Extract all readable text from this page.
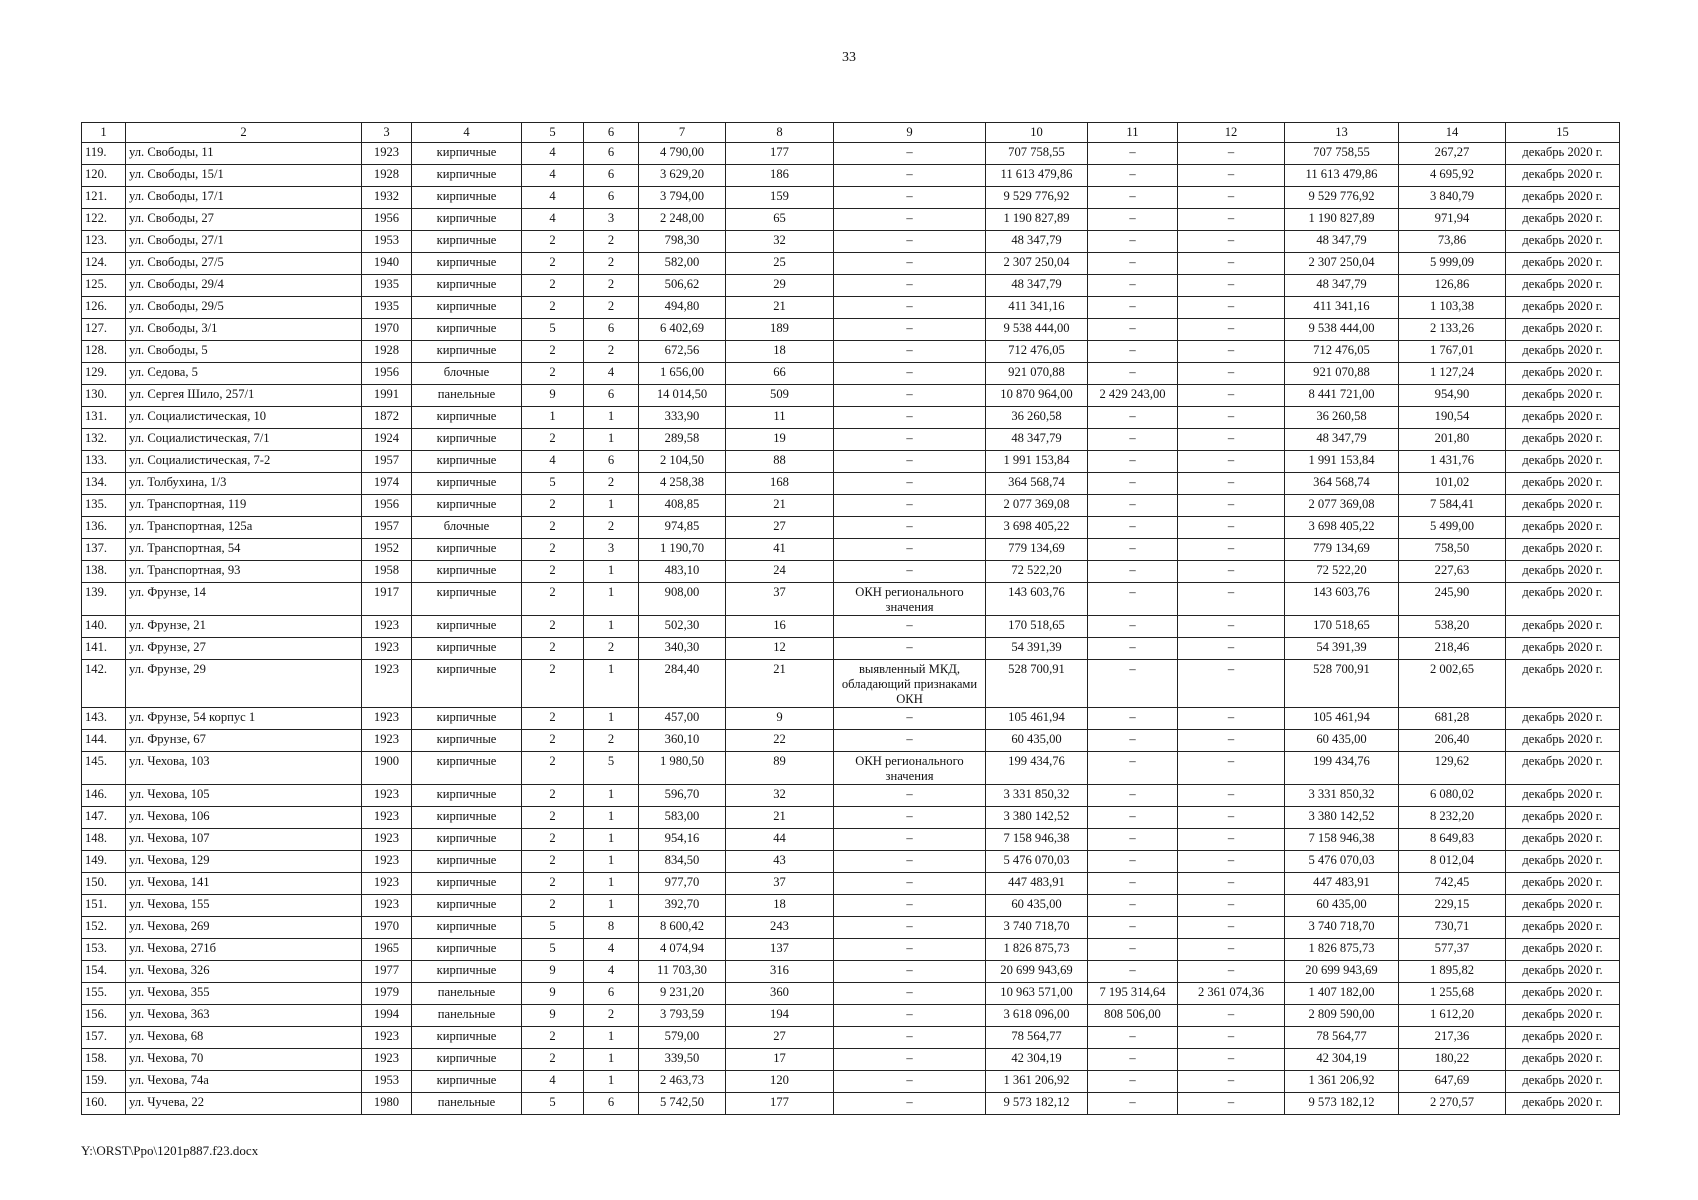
33
1	2	3	4	5	6	7	8	9	10	11	12	13	14	15
119.	ул. Свободы, 11	1923	кирпичные	4	6	4 790,00	177	–	707 758,55	–	–	707 758,55	267,27	декабрь 2020 г.
120.	ул. Свободы, 15/1	1928	кирпичные	4	6	3 629,20	186	–	11 613 479,86	–	–	11 613 479,86	4 695,92	декабрь 2020 г.
121.	ул. Свободы, 17/1	1932	кирпичные	4	6	3 794,00	159	–	9 529 776,92	–	–	9 529 776,92	3 840,79	декабрь 2020 г.
122.	ул. Свободы, 27	1956	кирпичные	4	3	2 248,00	65	–	1 190 827,89	–	–	1 190 827,89	971,94	декабрь 2020 г.
123.	ул. Свободы, 27/1	1953	кирпичные	2	2	798,30	32	–	48 347,79	–	–	48 347,79	73,86	декабрь 2020 г.
124.	ул. Свободы, 27/5	1940	кирпичные	2	2	582,00	25	–	2 307 250,04	–	–	2 307 250,04	5 999,09	декабрь 2020 г.
125.	ул. Свободы, 29/4	1935	кирпичные	2	2	506,62	29	–	48 347,79	–	–	48 347,79	126,86	декабрь 2020 г.
126.	ул. Свободы, 29/5	1935	кирпичные	2	2	494,80	21	–	411 341,16	–	–	411 341,16	1 103,38	декабрь 2020 г.
127.	ул. Свободы, 3/1	1970	кирпичные	5	6	6 402,69	189	–	9 538 444,00	–	–	9 538 444,00	2 133,26	декабрь 2020 г.
128.	ул. Свободы, 5	1928	кирпичные	2	2	672,56	18	–	712 476,05	–	–	712 476,05	1 767,01	декабрь 2020 г.
129.	ул. Седова, 5	1956	блочные	2	4	1 656,00	66	–	921 070,88	–	–	921 070,88	1 127,24	декабрь 2020 г.
130.	ул. Сергея Шило, 257/1	1991	панельные	9	6	14 014,50	509	–	10 870 964,00	2 429 243,00	–	8 441 721,00	954,90	декабрь 2020 г.
131.	ул. Социалистическая, 10	1872	кирпичные	1	1	333,90	11	–	36 260,58	–	–	36 260,58	190,54	декабрь 2020 г.
132.	ул. Социалистическая, 7/1	1924	кирпичные	2	1	289,58	19	–	48 347,79	–	–	48 347,79	201,80	декабрь 2020 г.
133.	ул. Социалистическая, 7-2	1957	кирпичные	4	6	2 104,50	88	–	1 991 153,84	–	–	1 991 153,84	1 431,76	декабрь 2020 г.
134.	ул. Толбухина, 1/3	1974	кирпичные	5	2	4 258,38	168	–	364 568,74	–	–	364 568,74	101,02	декабрь 2020 г.
135.	ул. Транспортная, 119	1956	кирпичные	2	1	408,85	21	–	2 077 369,08	–	–	2 077 369,08	7 584,41	декабрь 2020 г.
136.	ул. Транспортная, 125а	1957	блочные	2	2	974,85	27	–	3 698 405,22	–	–	3 698 405,22	5 499,00	декабрь 2020 г.
137.	ул. Транспортная, 54	1952	кирпичные	2	3	1 190,70	41	–	779 134,69	–	–	779 134,69	758,50	декабрь 2020 г.
138.	ул. Транспортная, 93	1958	кирпичные	2	1	483,10	24	–	72 522,20	–	–	72 522,20	227,63	декабрь 2020 г.
139.	ул. Фрунзе, 14	1917	кирпичные	2	1	908,00	37	ОКН регионального значения	143 603,76	–	–	143 603,76	245,90	декабрь 2020 г.
140.	ул. Фрунзе, 21	1923	кирпичные	2	1	502,30	16	–	170 518,65	–	–	170 518,65	538,20	декабрь 2020 г.
141.	ул. Фрунзе, 27	1923	кирпичные	2	2	340,30	12	–	54 391,39	–	–	54 391,39	218,46	декабрь 2020 г.
142.	ул. Фрунзе, 29	1923	кирпичные	2	1	284,40	21	выявленный МКД, обладающий признаками ОКН	528 700,91	–	–	528 700,91	2 002,65	декабрь 2020 г.
143.	ул. Фрунзе, 54 корпус 1	1923	кирпичные	2	1	457,00	9	–	105 461,94	–	–	105 461,94	681,28	декабрь 2020 г.
144.	ул. Фрунзе, 67	1923	кирпичные	2	2	360,10	22	–	60 435,00	–	–	60 435,00	206,40	декабрь 2020 г.
145.	ул. Чехова, 103	1900	кирпичные	2	5	1 980,50	89	ОКН регионального значения	199 434,76	–	–	199 434,76	129,62	декабрь 2020 г.
146.	ул. Чехова, 105	1923	кирпичные	2	1	596,70	32	–	3 331 850,32	–	–	3 331 850,32	6 080,02	декабрь 2020 г.
147.	ул. Чехова, 106	1923	кирпичные	2	1	583,00	21	–	3 380 142,52	–	–	3 380 142,52	8 232,20	декабрь 2020 г.
148.	ул. Чехова, 107	1923	кирпичные	2	1	954,16	44	–	7 158 946,38	–	–	7 158 946,38	8 649,83	декабрь 2020 г.
149.	ул. Чехова, 129	1923	кирпичные	2	1	834,50	43	–	5 476 070,03	–	–	5 476 070,03	8 012,04	декабрь 2020 г.
150.	ул. Чехова, 141	1923	кирпичные	2	1	977,70	37	–	447 483,91	–	–	447 483,91	742,45	декабрь 2020 г.
151.	ул. Чехова, 155	1923	кирпичные	2	1	392,70	18	–	60 435,00	–	–	60 435,00	229,15	декабрь 2020 г.
152.	ул. Чехова, 269	1970	кирпичные	5	8	8 600,42	243	–	3 740 718,70	–	–	3 740 718,70	730,71	декабрь 2020 г.
153.	ул. Чехова, 271б	1965	кирпичные	5	4	4 074,94	137	–	1 826 875,73	–	–	1 826 875,73	577,37	декабрь 2020 г.
154.	ул. Чехова, 326	1977	кирпичные	9	4	11 703,30	316	–	20 699 943,69	–	–	20 699 943,69	1 895,82	декабрь 2020 г.
155.	ул. Чехова, 355	1979	панельные	9	6	9 231,20	360	–	10 963 571,00	7 195 314,64	2 361 074,36	1 407 182,00	1 255,68	декабрь 2020 г.
156.	ул. Чехова, 363	1994	панельные	9	2	3 793,59	194	–	3 618 096,00	808 506,00	–	2 809 590,00	1 612,20	декабрь 2020 г.
157.	ул. Чехова, 68	1923	кирпичные	2	1	579,00	27	–	78 564,77	–	–	78 564,77	217,36	декабрь 2020 г.
158.	ул. Чехова, 70	1923	кирпичные	2	1	339,50	17	–	42 304,19	–	–	42 304,19	180,22	декабрь 2020 г.
159.	ул. Чехова, 74а	1953	кирпичные	4	1	2 463,73	120	–	1 361 206,92	–	–	1 361 206,92	647,69	декабрь 2020 г.
160.	ул. Чучева, 22	1980	панельные	5	6	5 742,50	177	–	9 573 182,12	–	–	9 573 182,12	2 270,57	декабрь 2020 г.
Y:\ORST\Ppo\1201p887.f23.docx
